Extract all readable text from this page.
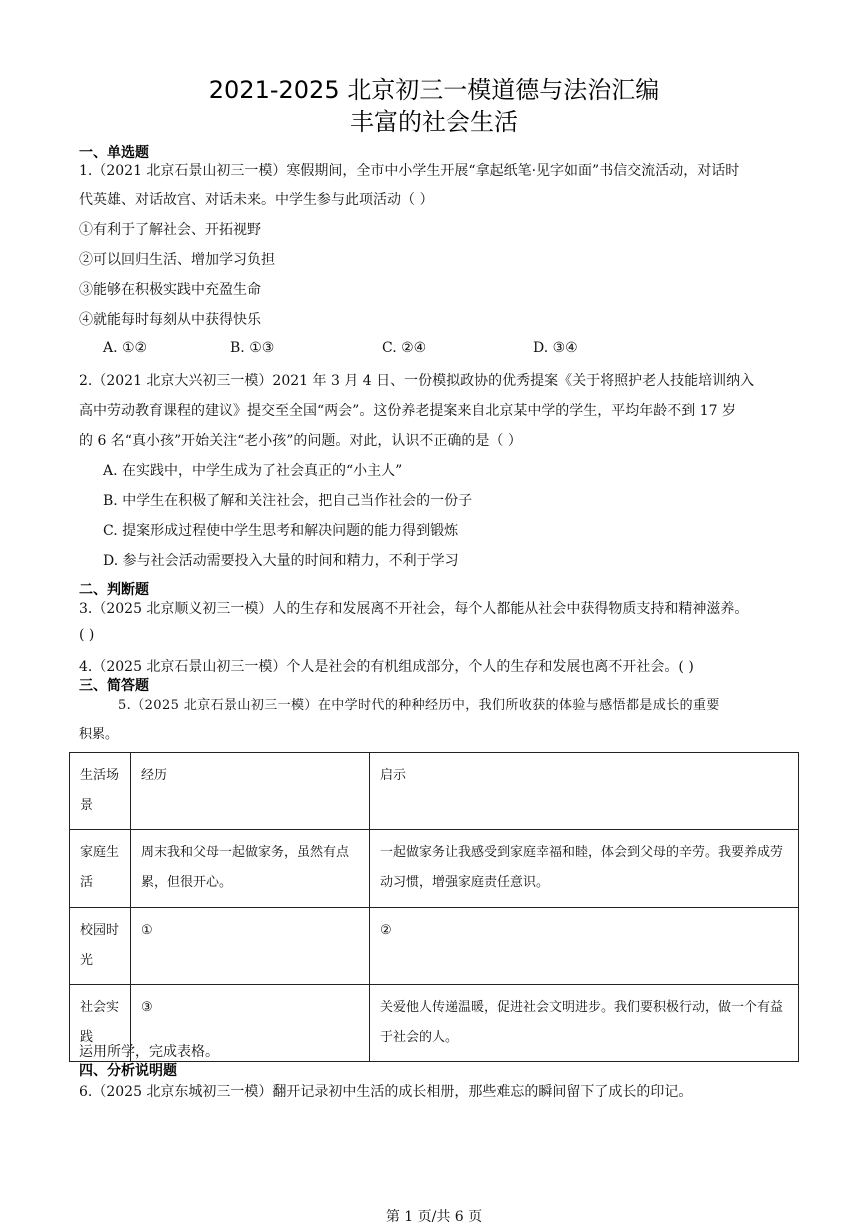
2021-2025 北京初三一模道德与法治汇编
丰富的社会生活
一、单选题
1.（2021 北京石景山初三一模）寒假期间，全市中小学生开展“拿起纸笔·见字如面”书信交流活动，对话时
代英雄、对话故宫、对话未来。中学生参与此项活动（ ）
①有利于了解社会、开拓视野
②可以回归生活、增加学习负担
③能够在积极实践中充盈生命
④就能每时每刻从中获得快乐
A. ①②	B. ①③	C. ②④	D. ③④
2.（2021 北京大兴初三一模）2021 年 3 月 4 日、一份模拟政协的优秀提案《关于将照护老人技能培训纳入
高中劳动教育课程的建议》提交至全国“两会”。这份养老提案来自北京某中学的学生，平均年龄不到 17 岁
的 6 名“真小孩”开始关注“老小孩”的问题。对此，认识不正确的是（ ）
A. 在实践中，中学生成为了社会真正的“小主人”
B. 中学生在积极了解和关注社会，把自己当作社会的一份子
C. 提案形成过程使中学生思考和解决问题的能力得到锻炼
D. 参与社会活动需要投入大量的时间和精力，不利于学习
二、判断题
3.（2025 北京顺义初三一模）人的生存和发展离不开社会，每个人都能从社会中获得物质支持和精神滋养。
( )
4.（2025 北京石景山初三一模）个人是社会的有机组成部分，个人的生存和发展也离不开社会。( )
三、简答题
5.（2025 北京石景山初三一模）在中学时代的种种经历中，我们所收获的体验与感悟都是成长的重要
积累。
生活场景	经历	启示
家庭生活	周末我和父母一起做家务，虽然有点累，但很开心。	一起做家务让我感受到家庭幸福和睦，体会到父母的辛劳。我要养成劳动习惯，增强家庭责任意识。
校园时光	①	②
社会实践	③	关爱他人传递温暖，促进社会文明进步。我们要积极行动，做一个有益于社会的人。
运用所学，完成表格。
四、分析说明题
6.（2025 北京东城初三一模）翻开记录初中生活的成长相册，那些难忘的瞬间留下了成长的印记。
第 1 页/共 6 页
